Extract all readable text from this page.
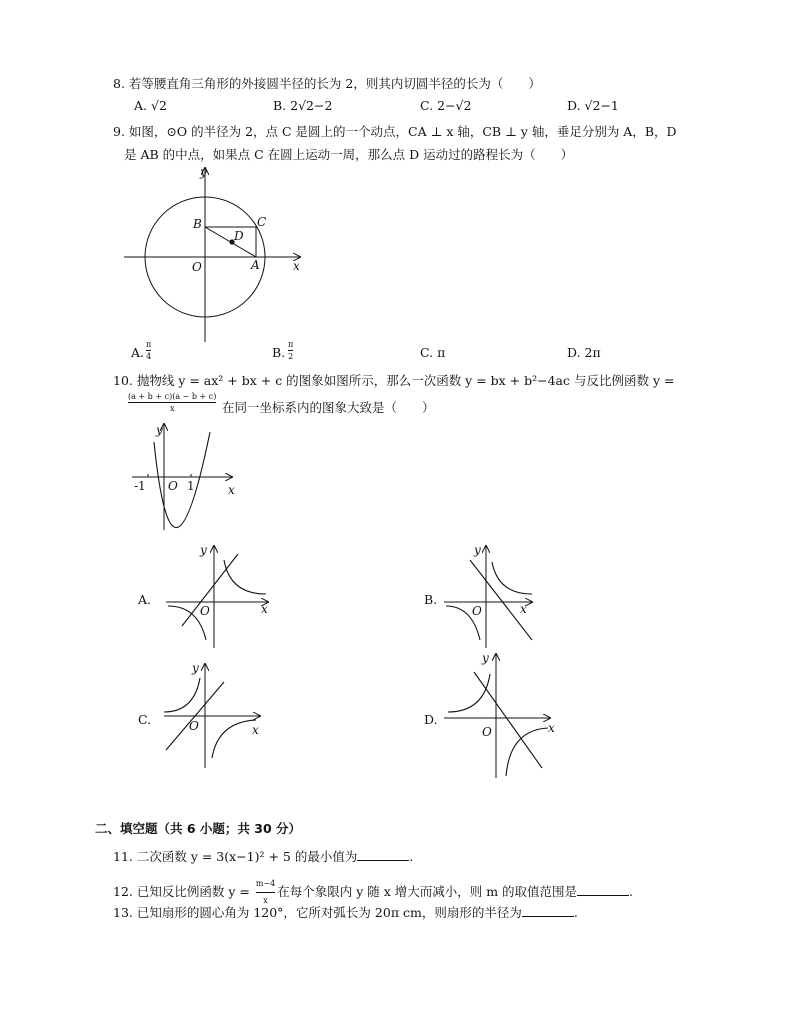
8. 若等腰直角三角形的外接圆半径的长为 2，则其内切圆半径的长为（　　）
A. √2	B. 2√2−2	C. 2−√2	D. √2−1
9. 如图，⊙O 的半径为 2，点 C 是圆上的一个动点，CA ⊥ x 轴，CB ⊥ y 轴，垂足分别为 A，B，D
是 AB 的中点，如果点 C 在圆上运动一周，那么点 D 运动过的路程长为（　　）
y
x
O	A
B	C
D
A.
π
4	B.
π
2	C. π	D. 2π
10. 抛物线 y = ax² + bx + c 的图象如图所示，那么一次函数 y = bx + b²−4ac 与反比例函数 y =
(a + b + c)(a − b + c)
x	在同一坐标系内的图象大致是（　　）
y
x
O
-1	1
A.
y
x
O
B.
y
x
O
C.
y
x
O	D.
y
x
O
二、填空题（共 6 小题；共 30 分）
11. 二次函数 y = 3(x−1)² + 5 的最小值为	.
12. 已知反比例函数 $y = \frac{m-4}{x}$ 在每个象限内 y 随 x 增大而减小，则 m 的取值范围是	.
13. 已知扇形的圆心角为 120°，它所对弧长为 20π cm，则扇形的半径为	.
